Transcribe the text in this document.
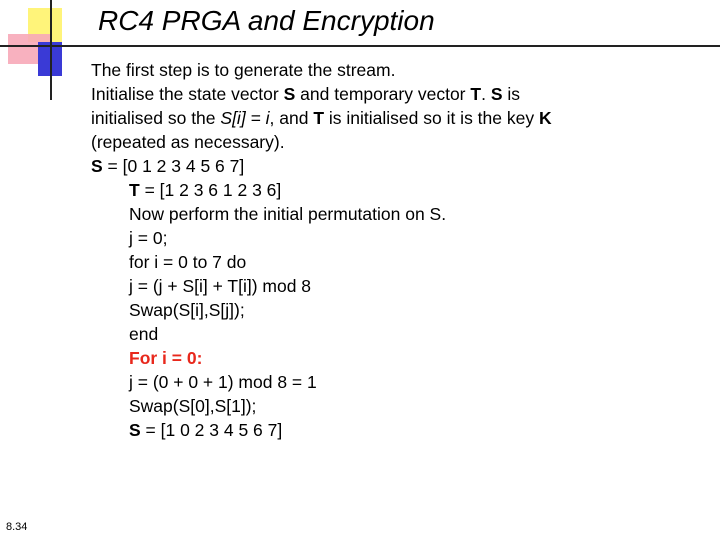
RC4 PRGA and Encryption
The first step is to generate the stream.
Initialise the state vector S and temporary vector T. S is
initialised so the S[i] = i, and T is initialised so it is the key K
(repeated as necessary).
S = [0 1 2 3 4 5 6 7]
T = [1 2 3 6 1 2 3 6]
Now perform the initial permutation on S.
j = 0;
for i = 0 to 7 do
j = (j + S[i] + T[i]) mod 8
Swap(S[i],S[j]);
end
For i = 0:
j = (0 + 0 + 1) mod 8 = 1
Swap(S[0],S[1]);
S = [1 0 2 3 4 5 6 7]
8.34
